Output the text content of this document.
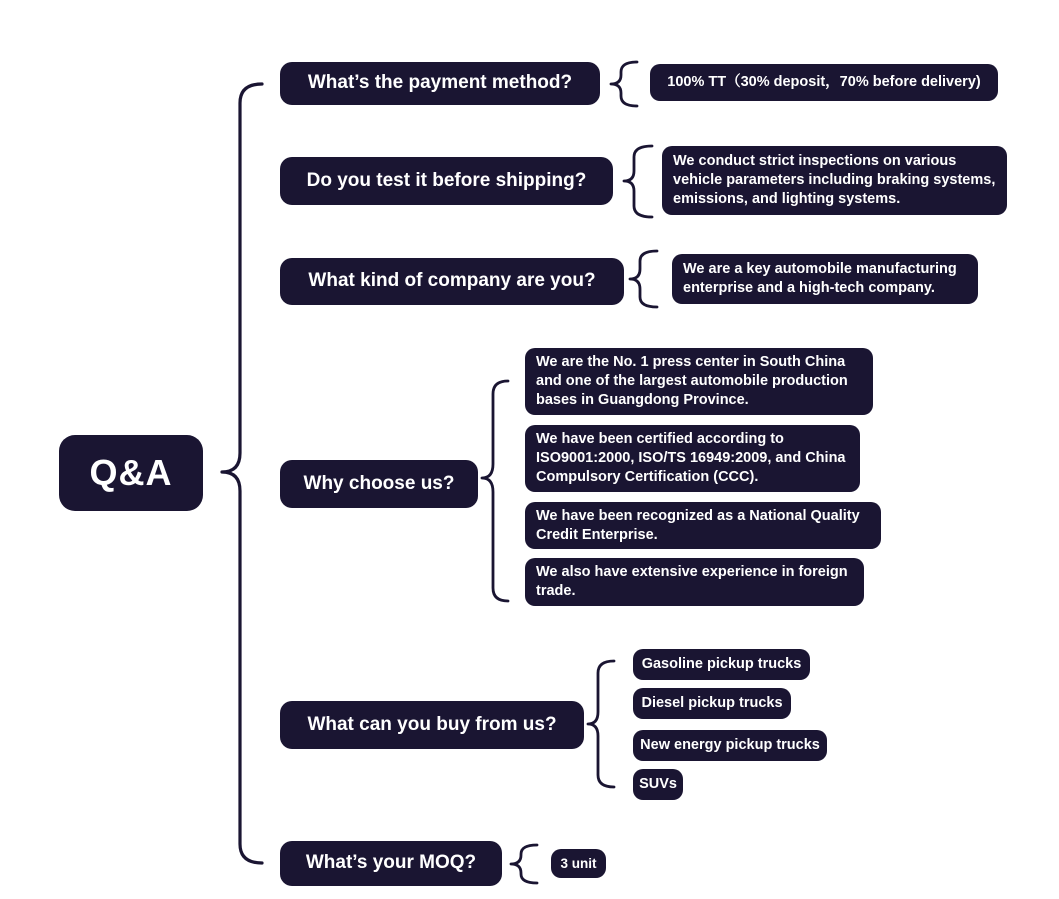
Q&A
What’s the payment method?	100% TT（30% deposit，70% before delivery)
Do you test it before shipping?
We conduct strict inspections on various vehicle parameters including braking systems, emissions, and lighting systems.
What kind of company are you?
We are a key automobile manufacturing enterprise and a high-tech company.
Why choose us?
We are the No. 1 press center in South China and one of the largest automobile production bases in Guangdong Province.
We have been certified according to ISO9001:2000, ISO/TS 16949:2009, and China Compulsory Certification (CCC).
We have been recognized as a National Quality Credit Enterprise.
We also have extensive experience in foreign trade.
What can you buy from us?
Gasoline pickup trucks
Diesel pickup trucks
New energy pickup trucks
SUVs
What’s your MOQ?	3 unit
